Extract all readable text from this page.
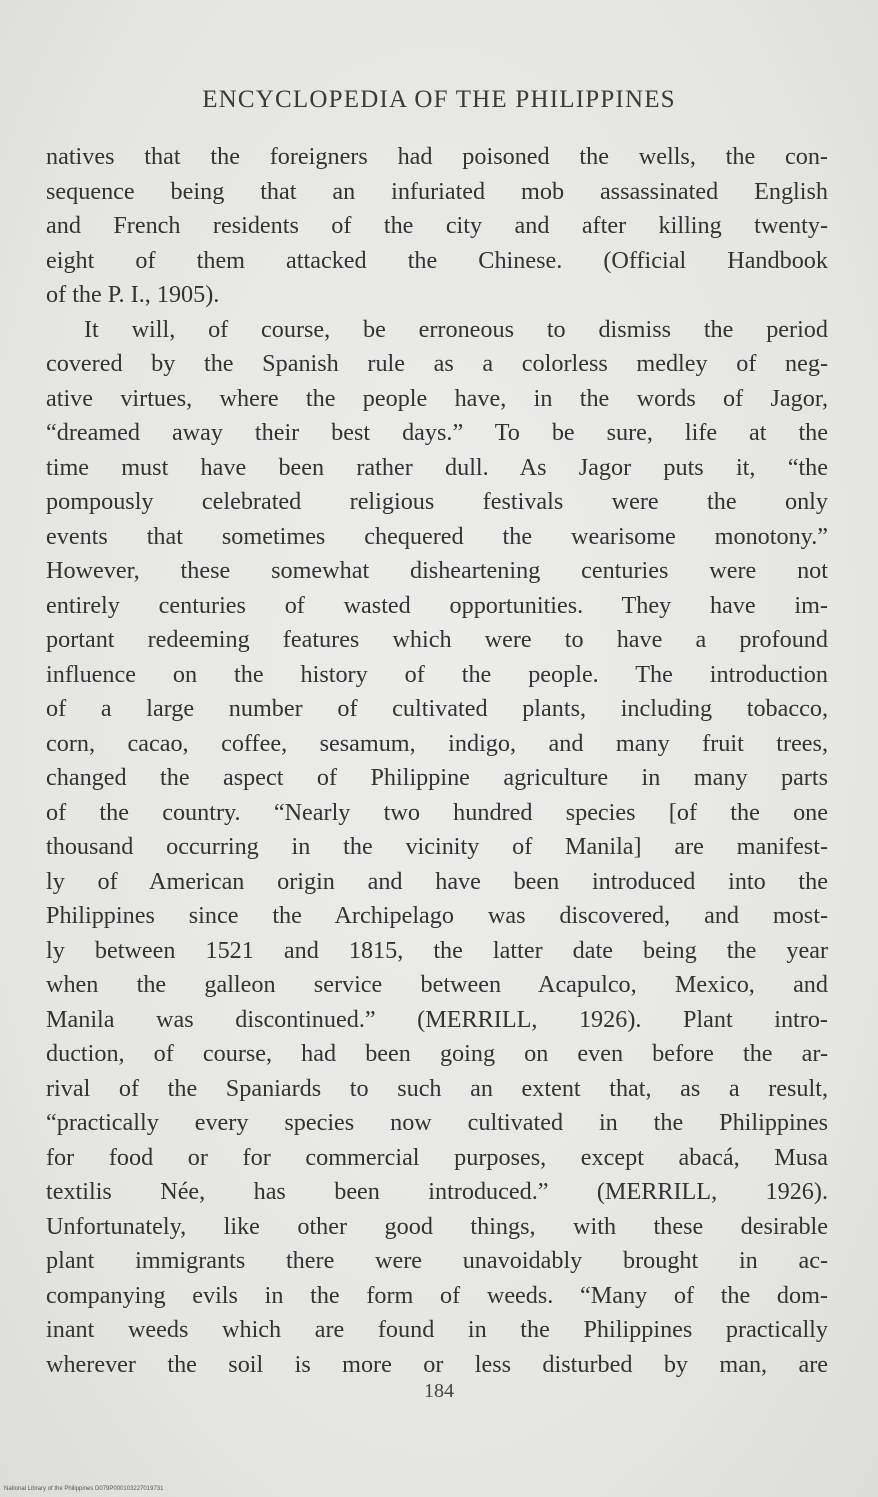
ENCYCLOPEDIA OF THE PHILIPPINES
natives that the foreigners had poisoned the wells, the con-
sequence being that an infuriated mob assassinated English
and French residents of the city and after killing twenty-
eight of them attacked the Chinese. (Official Handbook
of the P. I., 1905).
It will, of course, be erroneous to dismiss the period
covered by the Spanish rule as a colorless medley of neg-
ative virtues, where the people have, in the words of Jagor,
“dreamed away their best days.” To be sure, life at the
time must have been rather dull. As Jagor puts it, “the
pompously celebrated religious festivals were the only
events that sometimes chequered the wearisome monotony.”
However, these somewhat disheartening centuries were not
entirely centuries of wasted opportunities. They have im-
portant redeeming features which were to have a profound
influence on the history of the people. The introduction
of a large number of cultivated plants, including tobacco,
corn, cacao, coffee, sesamum, indigo, and many fruit trees,
changed the aspect of Philippine agriculture in many parts
of the country. “Nearly two hundred species [of the one
thousand occurring in the vicinity of Manila] are manifest-
ly of American origin and have been introduced into the
Philippines since the Archipelago was discovered, and most-
ly between 1521 and 1815, the latter date being the year
when the galleon service between Acapulco, Mexico, and
Manila was discontinued.” (MERRILL, 1926). Plant intro-
duction, of course, had been going on even before the ar-
rival of the Spaniards to such an extent that, as a result,
“practically every species now cultivated in the Philippines
for food or for commercial purposes, except abacá, Musa
textilis Née, has been introduced.” (MERRILL, 1926).
Unfortunately, like other good things, with these desirable
plant immigrants there were unavoidably brought in ac-
companying evils in the form of weeds. “Many of the dom-
inant weeds which are found in the Philippines practically
wherever the soil is more or less disturbed by man, are
184
National Library of the Philippines D079P000103227019731
